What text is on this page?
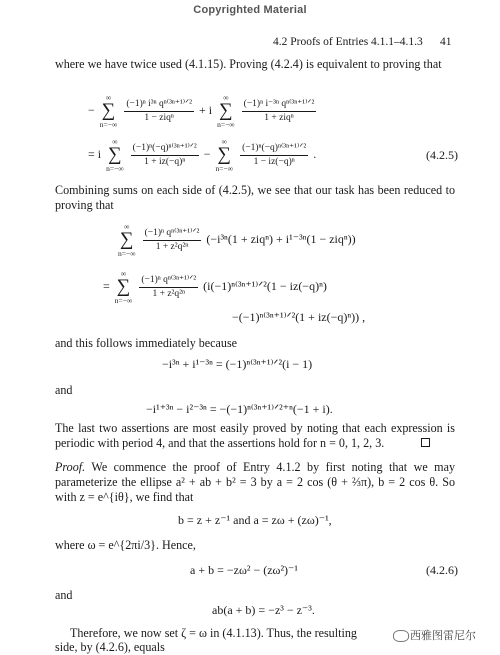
Copyrighted Material
4.2 Proofs of Entries 4.1.1–4.1.3 41
where we have twice used (4.1.15). Proving (4.2.4) is equivalent to proving that
−
∞
∑
n=−∞

$\frac{\text{(−1)ⁿ i³ⁿ qⁿ⁽³ⁿ⁺¹⁾ᐟ²}}{\text{1 − ziqⁿ}} + i$
∞
∑
n=−∞

$\frac{\text{(−1)ⁿ i⁻³ⁿ qⁿ⁽³ⁿ⁺¹⁾ᐟ²}}{\text{1 + ziqⁿ}}$
= i
∞
∑
n=−∞

$\frac{\text{(−1)ⁿ(−q)ⁿ⁽³ⁿ⁺¹⁾ᐟ²}}{\text{1 + iz(−q)ⁿ}}$ −
∞
∑
n=−∞

$\frac{\text{(−1)ⁿ(−q)ⁿ⁽³ⁿ⁺¹⁾ᐟ²}}{\text{1 − iz(−q)ⁿ}}$ .	(4.2.5)
Combining sums on each side of (4.2.5), we see that our task has been reduced to proving that
∞
∑
n=−∞

$\frac{\text{(−1)ⁿ qⁿ⁽³ⁿ⁺¹⁾ᐟ²}}{\text{1 + z²q²ⁿ}} (-i^{3n}(1 + ziq^n) + i^{1-3n}(1 - ziq^n))$
=
∞
∑
n=−∞

$\frac{\text{(−1)ⁿ qⁿ⁽³ⁿ⁺¹⁾ᐟ²}}{\text{1 + z²q²ⁿ}}$ (i(−1)ⁿ⁽³ⁿ⁺¹⁾ᐟ²(1 − iz(−q)ⁿ)
−(−1)ⁿ⁽³ⁿ⁺¹⁾ᐟ²(1 + iz(−q)ⁿ)) ,
and this follows immediately because
−i³ⁿ + i¹⁻³ⁿ = (−1)ⁿ⁽³ⁿ⁺¹⁾ᐟ²(i − 1)
and
−i¹⁺³ⁿ − i²⁻³ⁿ = −(−1)ⁿ⁽³ⁿ⁺¹⁾ᐟ²⁺ⁿ(−1 + i).
The last two assertions are most easily proved by noting that each expression is periodic with period 4, and that the assertions hold for n = 0, 1, 2, 3.
Proof. We commence the proof of Entry 4.1.2 by first noting that we may parameterize the ellipse a² + ab + b² = 3 by a = 2 cos (θ + ⅔π), b = 2 cos θ. So with z = e^{iθ}, we find that
b = z + z⁻¹ and a = zω + (zω)⁻¹,
where ω = e^{2πi/3}. Hence,
a + b = −zω² − (zω²)⁻¹	(4.2.6)
and
ab(a + b) = −z³ − z⁻³.
Therefore, we now set ζ = ω in (4.1.13). Thus, the resulting
side, by (4.2.6), equals
西雅图雷尼尔
